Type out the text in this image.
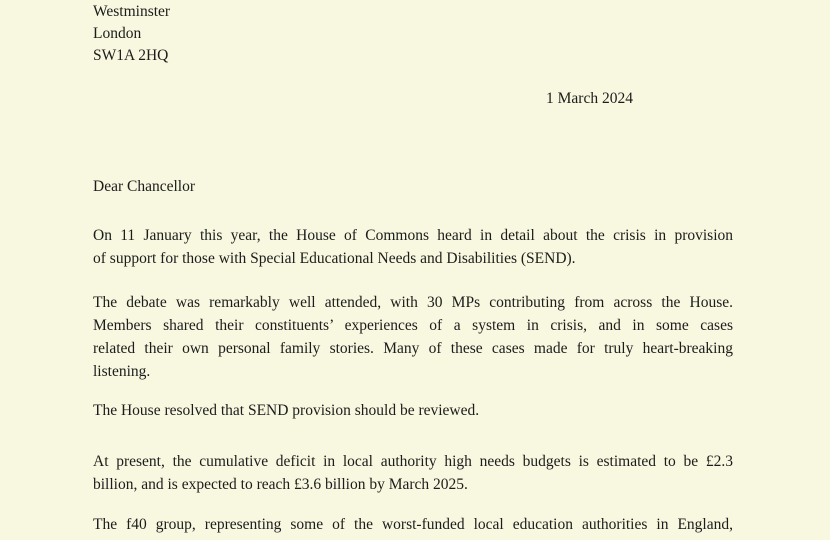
Westminster
London
SW1A 2HQ
1 March 2024
Dear Chancellor
On 11 January this year, the House of Commons heard in detail about the crisis in provision
of support for those with Special Educational Needs and Disabilities (SEND).
The debate was remarkably well attended, with 30 MPs contributing from across the House.
Members shared their constituents’ experiences of a system in crisis, and in some cases
related their own personal family stories. Many of these cases made for truly heart-breaking
listening.
The House resolved that SEND provision should be reviewed.
At present, the cumulative deficit in local authority high needs budgets is estimated to be £2.3
billion, and is expected to reach £3.6 billion by March 2025.
The f40 group, representing some of the worst-funded local education authorities in England,
